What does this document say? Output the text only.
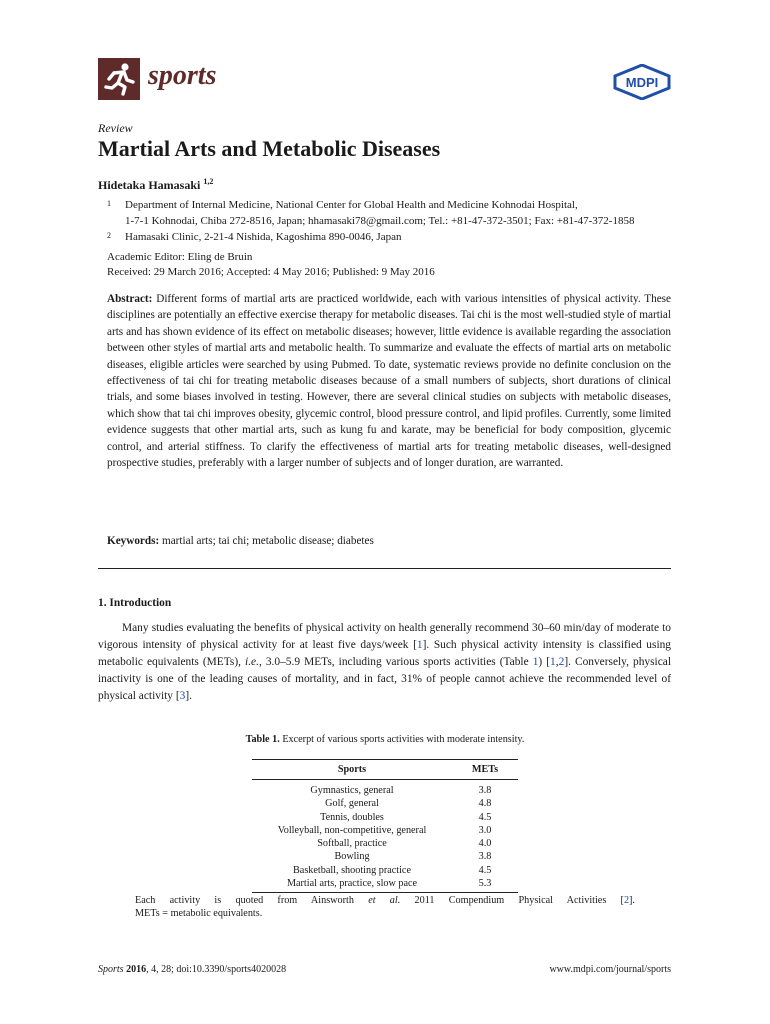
sports	MDPI
Review
Martial Arts and Metabolic Diseases
Hidetaka Hamasaki $^{1,2}$
1 Department of Internal Medicine, National Center for Global Health and Medicine Kohnodai Hospital,
1-7-1 Kohnodai, Chiba 272-8516, Japan; hhamasaki78@gmail.com; Tel.: +81-47-372-3501; Fax: +81-47-372-1858
2 Hamasaki Clinic, 2-21-4 Nishida, Kagoshima 890-0046, Japan
Academic Editor: Eling de Bruin
Received: 29 March 2016; Accepted: 4 May 2016; Published: 9 May 2016
Abstract: Different forms of martial arts are practiced worldwide, each with various intensities of physical activity. These disciplines are potentially an effective exercise therapy for metabolic diseases. Tai chi is the most well-studied style of martial arts and has shown evidence of its effect on metabolic diseases; however, little evidence is available regarding the association between other styles of martial arts and metabolic health. To summarize and evaluate the effects of martial arts on metabolic diseases, eligible articles were searched by using Pubmed. To date, systematic reviews provide no definite conclusion on the effectiveness of tai chi for treating metabolic diseases because of a small numbers of subjects, short durations of clinical trials, and some biases involved in testing. However, there are several clinical studies on subjects with metabolic diseases, which show that tai chi improves obesity, glycemic control, blood pressure control, and lipid profiles. Currently, some limited evidence suggests that other martial arts, such as kung fu and karate, may be beneficial for body composition, glycemic control, and arterial stiffness. To clarify the effectiveness of martial arts for treating metabolic diseases, well-designed prospective studies, preferably with a larger number of subjects and of longer duration, are warranted.
Keywords: martial arts; tai chi; metabolic disease; diabetes
1. Introduction

Many studies evaluating the benefits of physical activity on health generally recommend 30–60 min/day of moderate to vigorous intensity of physical activity for at least five days/week [1]. Such physical activity intensity is classified using metabolic equivalents (METs), i.e., 3.0–5.9 METs, including various sports activities (Table 1) [1,2]. Conversely, physical inactivity is one of the leading causes of mortality, and in fact, 31% of people cannot achieve the recommended level of physical activity [3].

Table 1. Excerpt of various sports activities with moderate intensity.
Sports	METs
Gymnastics, general	3.8
Golf, general	4.8
Tennis, doubles	4.5
Volleyball, non-competitive, general	3.0
Softball, practice	4.0
Bowling	3.8
Basketball, shooting practice	4.5
Martial arts, practice, slow pace	5.3
Each activity is quoted from Ainsworth et al. 2011 Compendium Physical Activities [2].
METs = metabolic equivalents.
Sports 2016, 4, 28; doi:10.3390/sports4020028	www.mdpi.com/journal/sports
